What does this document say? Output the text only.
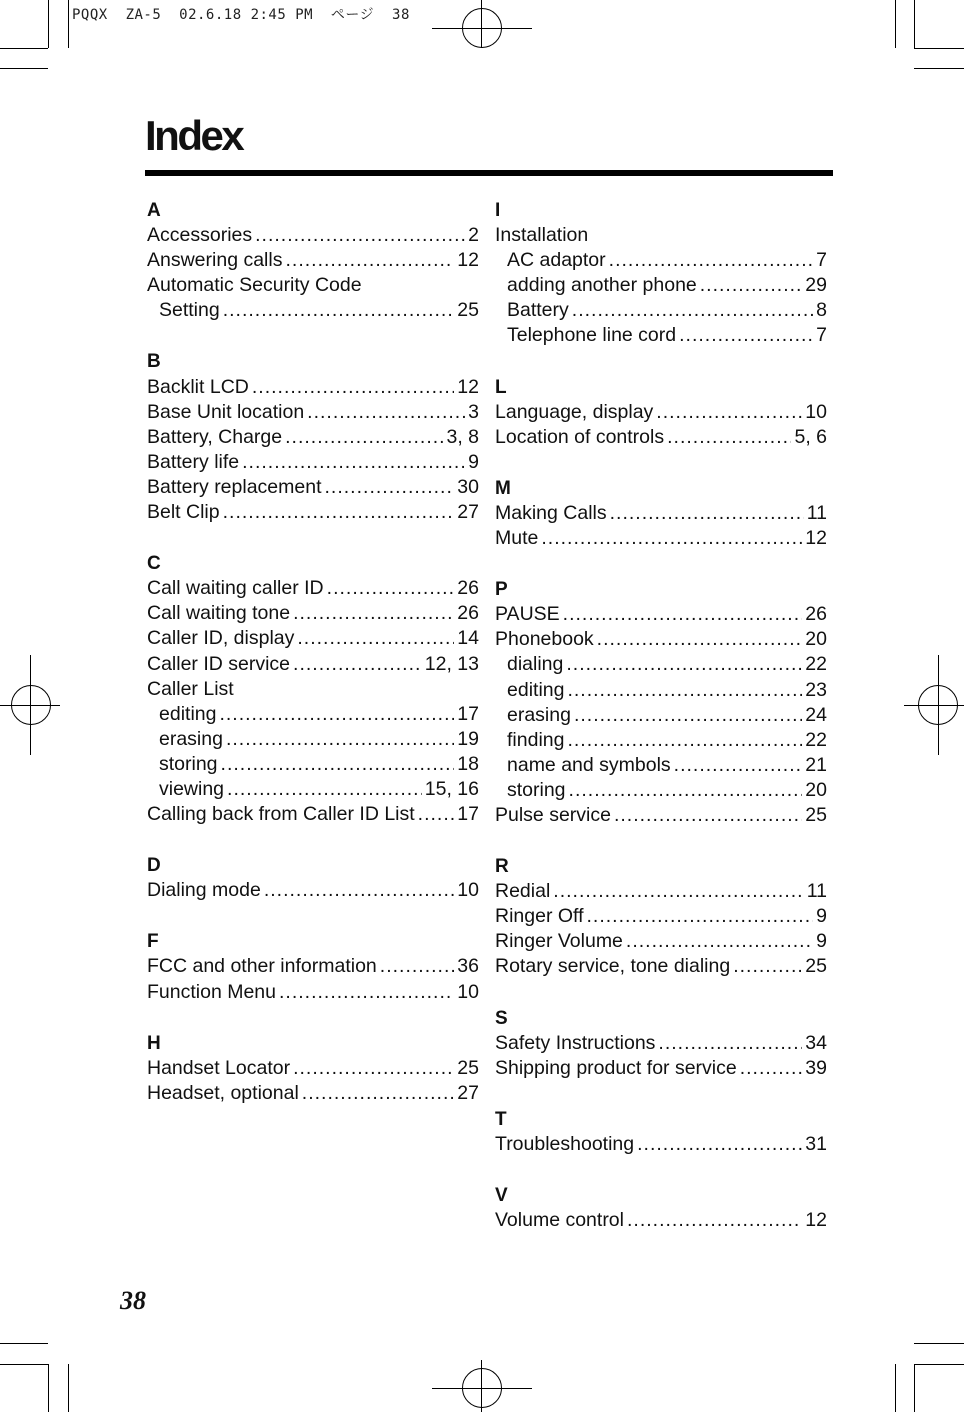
PQQX  ZA-5  02.6.18 2:45 PM  ページ  38
Index
A
Accessories .....	2
Answering calls .....	12
Automatic Security Code
Setting .....	25
B
Backlit LCD .....	12
Base Unit location .....	3
Battery, Charge .....	3, 8
Battery life .....	9
Battery replacement .....	30
Belt Clip .....	27
C
Call waiting caller ID .....	26
Call waiting tone .....	26
Caller ID, display .....	14
Caller ID service .....	12, 13
Caller List
editing .....	17
erasing .....	19
storing .....	18
viewing .....	15, 16
Calling back from Caller ID List ..... 17
D
Dialing mode .....	10
F
FCC and other information .....	36
Function Menu .....	10
H
Handset Locator .....	25
Headset, optional .....	27
I
Installation
AC adaptor .....	7
adding another phone .....	29
Battery .....	8
Telephone line cord .....	7
L
Language, display .....	10
Location of controls .....	5, 6
M
Making Calls .....	11
Mute .....	12
P
PAUSE .....	26
Phonebook .....	20
dialing .....	22
editing .....	23
erasing .....	24
finding .....	22
name and symbols .....	21
storing .....	20
Pulse service .....	25
R
Redial .....	11
Ringer Off .....	9
Ringer Volume .....	9
Rotary service, tone dialing .....	25
S
Safety Instructions .....	34
Shipping product for service .....	39
T
Troubleshooting .....	31
V
Volume control .....	12
38
